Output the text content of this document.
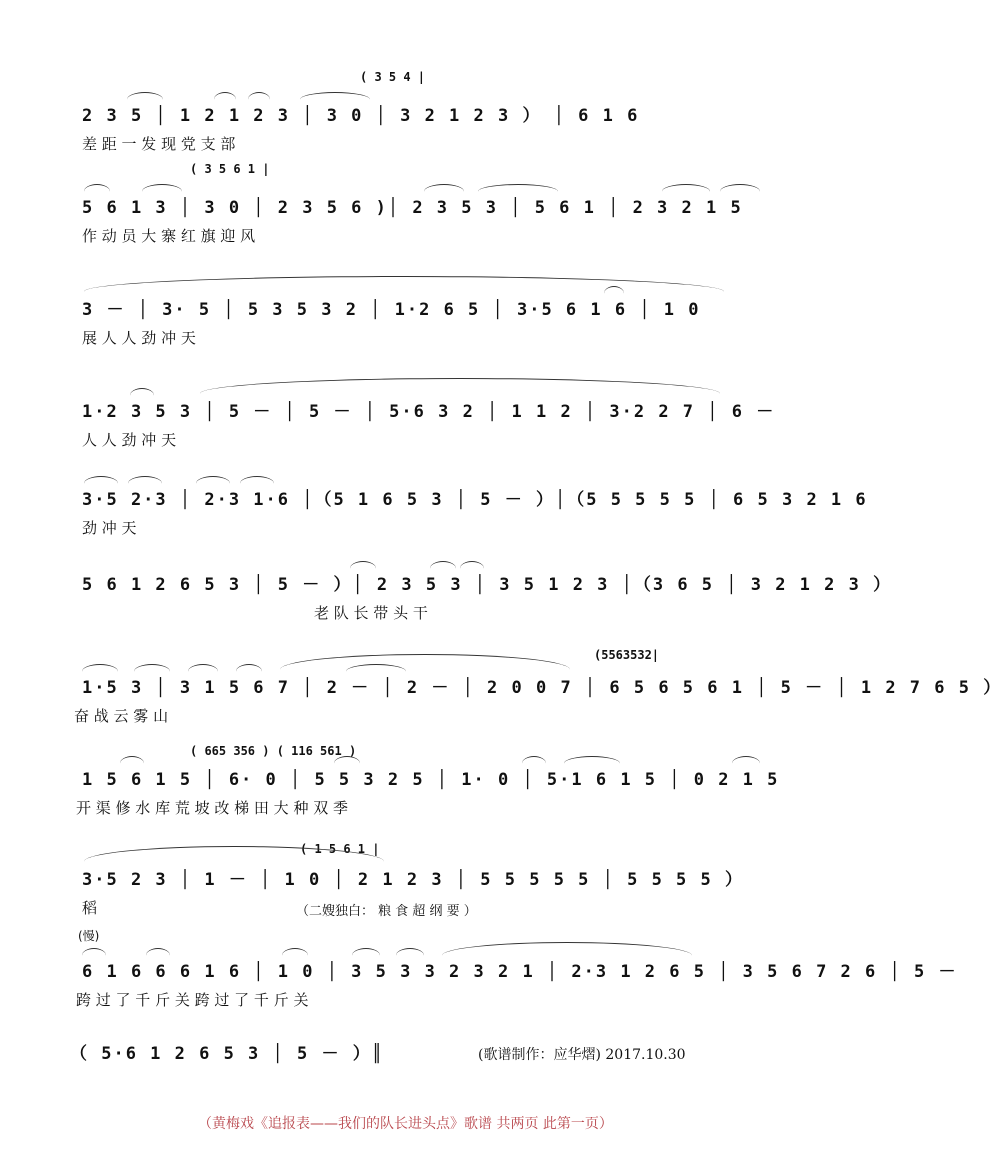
( 3 5 4 |
2 3 5 │ 1 2 1 2 3 │ 3 0 │ 3 2 1 2 3 ） │ 6 1 6
差 距 一 发 现 党 支 部
( 3 5 6 1 |
5 6 1 3 │ 3 0 │ 2 3 5 6 )│ 2 3 5 3 │ 5 6 1 │ 2 3 2 1 5
作 动 员 大 寨 红 旗 迎 风
3 － │ 3· 5 │ 5 3 5 3 2 │ 1·2 6 5 │ 3·5 6 1 6 │ 1 0
展 人 人 劲 冲 天
1·2 3 5 3 │ 5 － │ 5 － │ 5·6 3 2 │ 1 1 2 │ 3·2 2 7 │ 6 －
人 人 劲 冲 天
3·5 2·3 │ 2·3 1·6 │（5 1 6 5 3 │ 5 － ）│（5 5 5 5 5 │ 6 5 3 2 1 6
劲 冲 天
5 6 1 2 6 5 3 │ 5 － ）│ 2 3 5 3 │ 3 5 1 2 3 │（3 6 5 │ 3 2 1 2 3 ）
老 队 长 带 头 干
(5563532|
1·5 3 │ 3 1 5 6 7 │ 2 － │ 2 － │ 2 0 0 7 │ 6 5 6 5 6 1 │ 5 － │ 1 2 7 6 5 ）
奋 战 云 雾 山
( 665 356 ) ( 116 561 )
1 5 6 1 5 │ 6· 0 │ 5 5 3 2 5 │ 1· 0 │ 5·1 6 1 5 │ 0 2 1 5
开 渠 修 水 库 荒 坡 改 梯 田 大 种 双 季
( 1 5 6 1 |
3·5 2 3 │ 1 － │ 1 0 │ 2 1 2 3 │ 5 5 5 5 5 │ 5 5 5 5 ）
稻
6 1 6 6 6 1 6 │ 1 0 │ 3 5 3 3 2 3 2 1 │ 2·3 1 2 6 5 │ 3 5 6 7 2 6 │ 5 －
跨 过 了 千 斤 关 跨 过 了 千 斤 关
（ 5·6 1 2 6 5 3 │ 5 － ）║
(慢)
（二嫂独白： 粮 食 超 纲 要 ）
(歌谱制作：应华熠) 2017.10.30
（黄梅戏《追报表——我们的队长进头点》歌谱 共两页 此第一页）
